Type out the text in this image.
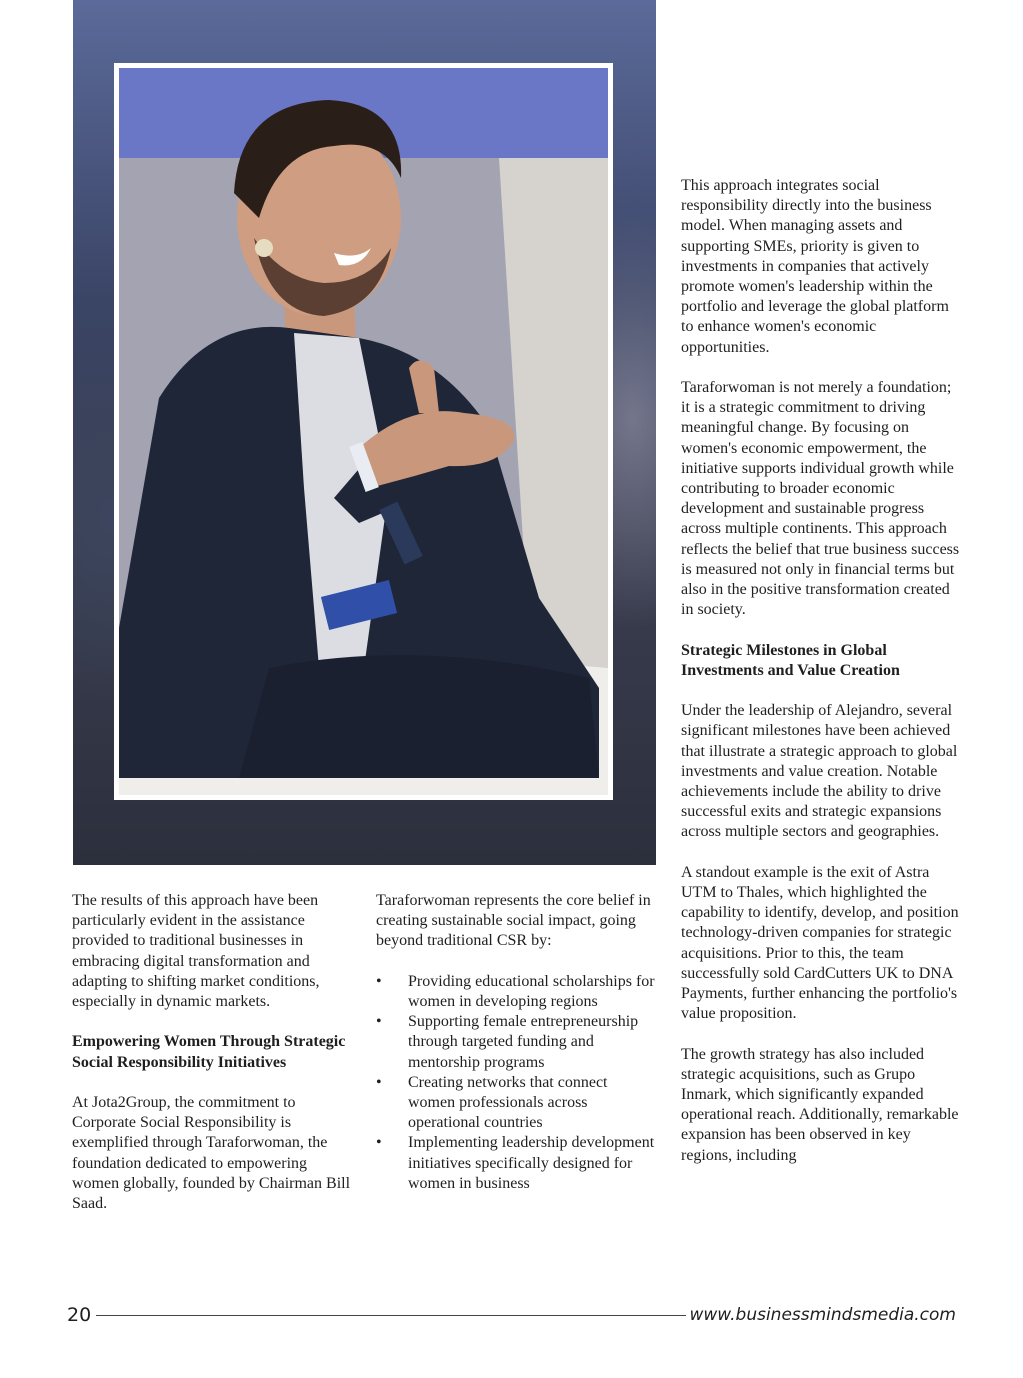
This approach integrates social responsibility directly into the business model. When managing assets and supporting SMEs, priority is given to investments in companies that actively promote women's leadership within the portfolio and leverage the global platform to enhance women's economic opportunities.

Taraforwoman is not merely a foundation; it is a strategic commitment to driving meaningful change. By focusing on women's economic empowerment, the initiative supports individual growth while contributing to broader economic development and sustainable progress across multiple continents. This approach reflects the belief that true business success is measured not only in financial terms but also in the positive transformation created in society.

Strategic Milestones in Global Investments and Value Creation

Under the leadership of Alejandro, several significant milestones have been achieved that illustrate a strategic approach to global investments and value creation. Notable achievements include the ability to drive successful exits and strategic expansions across multiple sectors and geographies.

A standout example is the exit of Astra UTM to Thales, which highlighted the capability to identify, develop, and position technology-driven companies for strategic acquisitions. Prior to this, the team successfully sold CardCutters UK to DNA Payments, further enhancing the portfolio's value proposition.

The growth strategy has also included strategic acquisitions, such as Grupo Inmark, which significantly expanded operational reach. Additionally, remarkable expansion has been observed in key regions, including

The results of this approach have been particularly evident in the assistance provided to traditional businesses in embracing digital transformation and adapting to shifting market conditions, especially in dynamic markets.

Empowering Women Through Strategic Social Responsibility Initiatives

At Jota2Group, the commitment to Corporate Social Responsibility is exemplified through Taraforwoman, the foundation dedicated to empowering women globally, founded by Chairman Bill Saad.

Taraforwoman represents the core belief in creating sustainable social impact, going beyond traditional CSR by:

• Providing educational scholarships for women in developing regions
• Supporting female entrepreneurship through targeted funding and mentorship programs
• Creating networks that connect women professionals across operational countries
• Implementing leadership development initiatives specifically designed for women in business
20	www.businessmindsmedia.com
